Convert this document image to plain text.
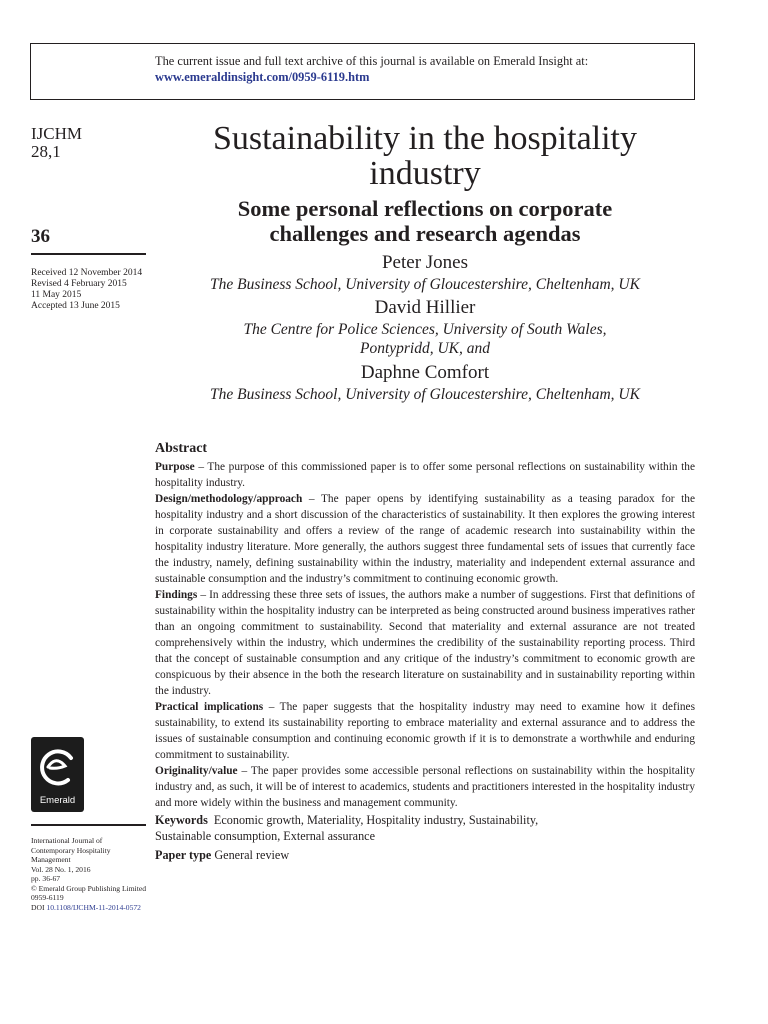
The current issue and full text archive of this journal is available on Emerald Insight at:
www.emeraldinsight.com/0959-6119.htm
IJCHM
28,1
36
Received 12 November 2014
Revised 4 February 2015
11 May 2015
Accepted 13 June 2015
Emerald
International Journal of
Contemporary Hospitality
Management
Vol. 28 No. 1, 2016
pp. 36-67
© Emerald Group Publishing Limited
0959-6119
DOI 10.1108/IJCHM-11-2014-0572
Sustainability in the hospitality
industry
Some personal reflections on corporate
challenges and research agendas
Peter Jones
The Business School, University of Gloucestershire, Cheltenham, UK
David Hillier
The Centre for Police Sciences, University of South Wales,
Pontypridd, UK, and
Daphne Comfort
The Business School, University of Gloucestershire, Cheltenham, UK
Abstract

Purpose – The purpose of this commissioned paper is to offer some personal reflections on sustainability within the hospitality industry.

Design/methodology/approach – The paper opens by identifying sustainability as a teasing paradox for the hospitality industry and a short discussion of the characteristics of sustainability. It then explores the growing interest in corporate sustainability and offers a review of the range of academic research into sustainability within the hospitality industry literature. More generally, the authors suggest three fundamental sets of issues that currently face the industry, namely, defining sustainability within the industry, materiality and independent external assurance and sustainable consumption and the industry’s commitment to continuing economic growth.

Findings – In addressing these three sets of issues, the authors make a number of suggestions. First that definitions of sustainability within the hospitality industry can be interpreted as being constructed around business imperatives rather than an ongoing commitment to sustainability. Second that materiality and external assurance are not treated comprehensively within the industry, which undermines the credibility of the sustainability reporting process. Third that the concept of sustainable consumption and any critique of the industry’s commitment to economic growth are conspicuous by their absence in the both the research literature on sustainability and in sustainability reporting within the industry.

Practical implications – The paper suggests that the hospitality industry may need to examine how it defines sustainability, to extend its sustainability reporting to embrace materiality and external assurance and to address the issues of sustainable consumption and continuing economic growth if it is to demonstrate a worthwhile and enduring commitment to sustainability.

Originality/value – The paper provides some accessible personal reflections on sustainability within the hospitality industry and, as such, it will be of interest to academics, students and practitioners interested in the hospitality industry and more widely within the business and management community.

Keywords Economic growth, Materiality, Hospitality industry, Sustainability,
Sustainable consumption, External assurance
Paper type General review
